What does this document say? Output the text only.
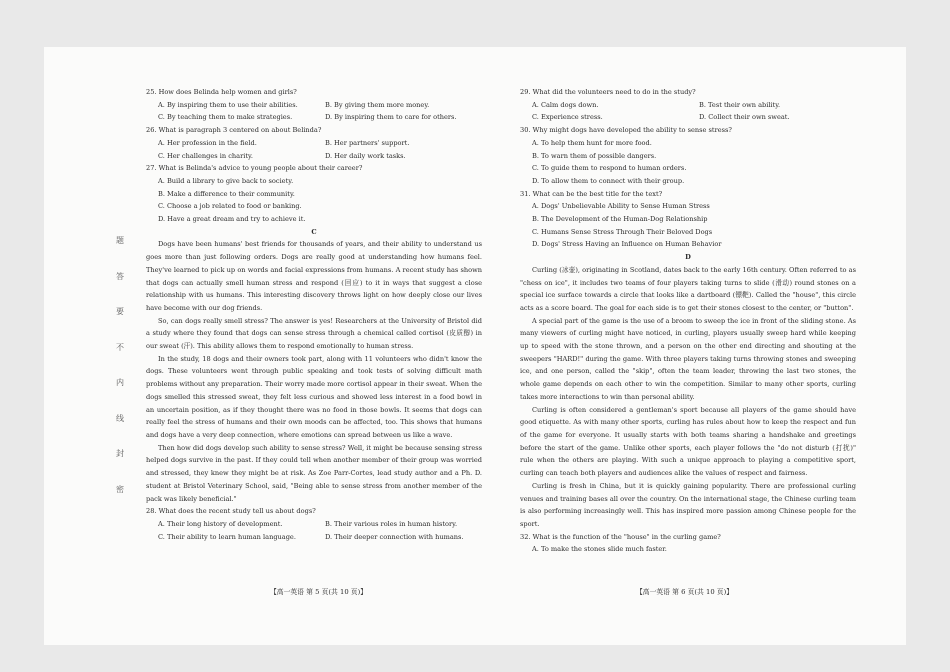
题
答
要
不
内
线
封
密
25. How does Belinda help women and girls?
A. By inspiring them to use their abilities.	B. By giving them more money.
C. By teaching them to make strategies.	D. By inspiring them to care for others.
26. What is paragraph 3 centered on about Belinda?
A. Her profession in the field.	B. Her partners' support.
C. Her challenges in charity.	D. Her daily work tasks.
27. What is Belinda's advice to young people about their career?
A. Build a library to give back to society.
B. Make a difference to their community.
C. Choose a job related to food or banking.
D. Have a great dream and try to achieve it.
C
Dogs have been humans' best friends for thousands of years, and their ability to understand us goes more than just following orders. Dogs are really good at understanding how humans feel. They've learned to pick up on words and facial expressions from humans. A recent study has shown that dogs can actually smell human stress and respond (回应) to it in ways that suggest a close relationship with us humans. This interesting discovery throws light on how deeply close our lives have become with our dog friends.
So, can dogs really smell stress? The answer is yes! Researchers at the University of Bristol did a study where they found that dogs can sense stress through a chemical called cortisol (皮质醇) in our sweat (汗). This ability allows them to respond emotionally to human stress.
In the study, 18 dogs and their owners took part, along with 11 volunteers who didn't know the dogs. These volunteers went through public speaking and took tests of solving difficult math problems without any preparation. Their worry made more cortisol appear in their sweat. When the dogs smelled this stressed sweat, they felt less curious and showed less interest in a food bowl in an uncertain position, as if they thought there was no food in those bowls. It seems that dogs can really feel the stress of humans and their own moods can be affected, too. This shows that humans and dogs have a very deep connection, where emotions can spread between us like a wave.
Then how did dogs develop such ability to sense stress? Well, it might be because sensing stress helped dogs survive in the past. If they could tell when another member of their group was worried and stressed, they knew they might be at risk. As Zoe Parr-Cortes, lead study author and a Ph. D. student at Bristol Veterinary School, said, "Being able to sense stress from another member of the pack was likely beneficial."
28. What does the recent study tell us about dogs?
A. Their long history of development.	B. Their various roles in human history.
C. Their ability to learn human language.	D. Their deeper connection with humans.
29. What did the volunteers need to do in the study?
A. Calm dogs down.	B. Test their own ability.
C. Experience stress.	D. Collect their own sweat.
30. Why might dogs have developed the ability to sense stress?
A. To help them hunt for more food.
B. To warn them of possible dangers.
C. To guide them to respond to human orders.
D. To allow them to connect with their group.
31. What can be the best title for the text?
A. Dogs' Unbelievable Ability to Sense Human Stress
B. The Development of the Human-Dog Relationship
C. Humans Sense Stress Through Their Beloved Dogs
D. Dogs' Stress Having an Influence on Human Behavior
D
Curling (冰壶), originating in Scotland, dates back to the early 16th century. Often referred to as "chess on ice", it includes two teams of four players taking turns to slide (滑动) round stones on a special ice surface towards a circle that looks like a dartboard (镖靶). Called the "house", this circle acts as a score board. The goal for each side is to get their stones closest to the center, or "button".
A special part of the game is the use of a broom to sweep the ice in front of the sliding stone. As many viewers of curling might have noticed, in curling, players usually sweep hard while keeping up to speed with the stone thrown, and a person on the other end directing and shouting at the sweepers "HARD!" during the game. With three players taking turns throwing stones and sweeping ice, and one person, called the "skip", often the team leader, throwing the last two stones, the whole game depends on each other to win the competition. Similar to many other sports, curling takes more interactions to win than personal ability.
Curling is often considered a gentleman's sport because all players of the game should have good etiquette. As with many other sports, curling has rules about how to keep the respect and fun of the game for everyone. It usually starts with both teams sharing a handshake and greetings before the start of the game. Unlike other sports, each player follows the "do not disturb (打扰)" rule when the others are playing. With such a unique approach to playing a competitive sport, curling can teach both players and audiences alike the values of respect and fairness.
Curling is fresh in China, but it is quickly gaining popularity. There are professional curling venues and training bases all over the country. On the international stage, the Chinese curling team is also performing increasingly well. This has inspired more passion among Chinese people for the sport.
32. What is the function of the "house" in the curling game?
A. To make the stones slide much faster.
【高一英语 第 5 页(共 10 页)】	【高一英语 第 6 页(共 10 页)】
